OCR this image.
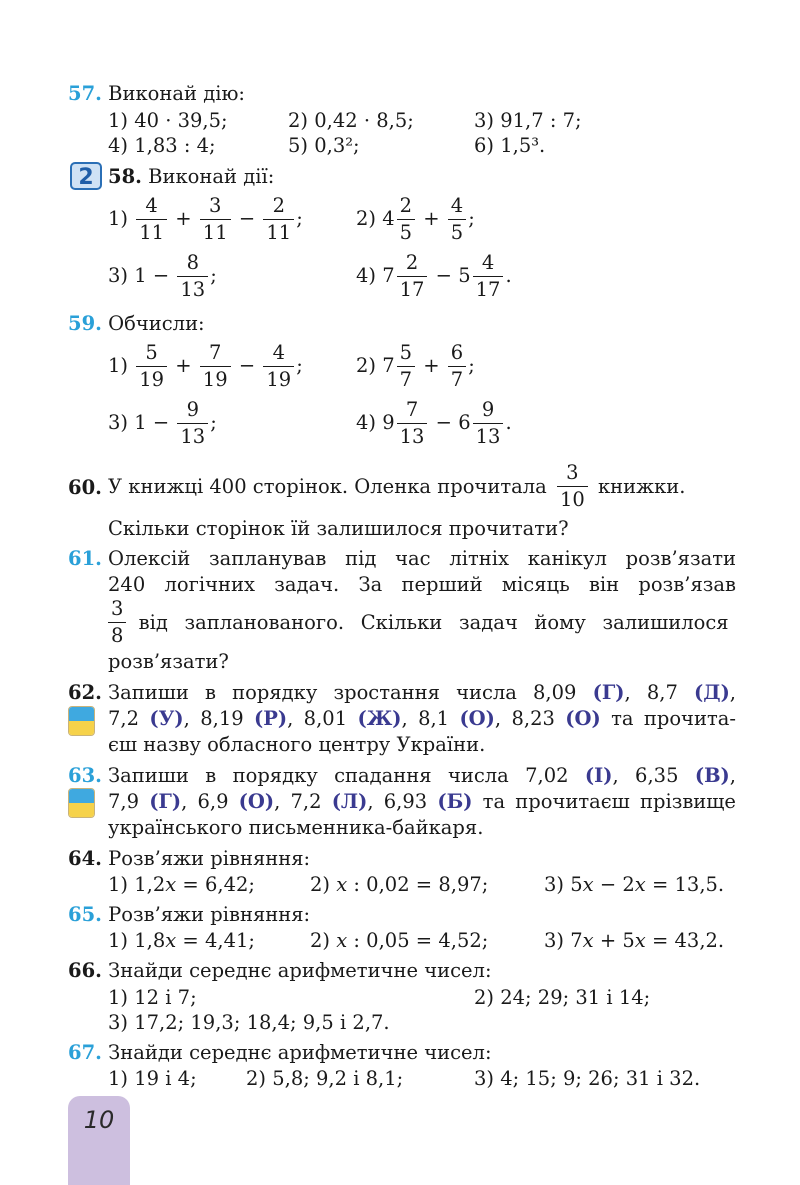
57. Виконай дію:
1) 40 · 39,5;	2) 0,42 · 8,5;	3) 91,7 : 7;
4) 1,83 : 4;	5) 0,3²;	6) 1,5³.
2 58. Виконай дії:
$1) \frac{4}{11} + \frac{3}{11} - \frac{2}{11}$ ;	2) $4 \frac{2}{5} + \frac{4}{5}$ ;
3) $1 - \frac{8}{13}$ ;	4) $7 \frac{2}{17} - 5 \frac{4}{17}$ .
59. Обчисли:
$1) \frac{5}{19} + \frac{7}{19} - \frac{4}{19}$ ;	2) $7 \frac{5}{7} + \frac{6}{7}$ ;
3) $1 - \frac{9}{13}$ ;	4) $9 \frac{7}{13} - 6 \frac{9}{13}$ .
60. У книжці 400 сторінок. Оленка прочитала $\frac{3}{10}$ книжки.
Скільки сторінок їй залишилося прочитати?
61. Олексій запланував під час літніх канікул розв’язати
240 логічних задач. За перший місяць він розв’язав
$\frac{3}{8}$ від запланованого. Скільки задач йому залишилося
розв’язати?
62. Запиши в порядку зростання числа 8,09 (Г), 8,7 (Д),
7,2 (У), 8,19 (Р), 8,01 (Ж), 8,1 (О), 8,23 (О) та прочита-
єш назву обласного центру України.
63. Запиши в порядку спадання числа 7,02 (І), 6,35 (В),
7,9 (Г), 6,9 (О), 7,2 (Л), 6,93 (Б) та прочитаєш прізвище
українського письменника-байкаря.
64. Розв’яжи рівняння:
1) 1,2x = 6,42;	2) x : 0,02 = 8,97;	3) 5x − 2x = 13,5.
65. Розв’яжи рівняння:
1) 1,8x = 4,41;	2) x : 0,05 = 4,52;	3) 7x + 5x = 43,2.
66. Знайди середнє арифметичне чисел:
1) 12 і 7;	2) 24; 29; 31 і 14;
3) 17,2; 19,3; 18,4; 9,5 і 2,7.
67. Знайди середнє арифметичне чисел:
1) 19 і 4;	2) 5,8; 9,2 і 8,1;	3) 4; 15; 9; 26; 31 і 32.
10
